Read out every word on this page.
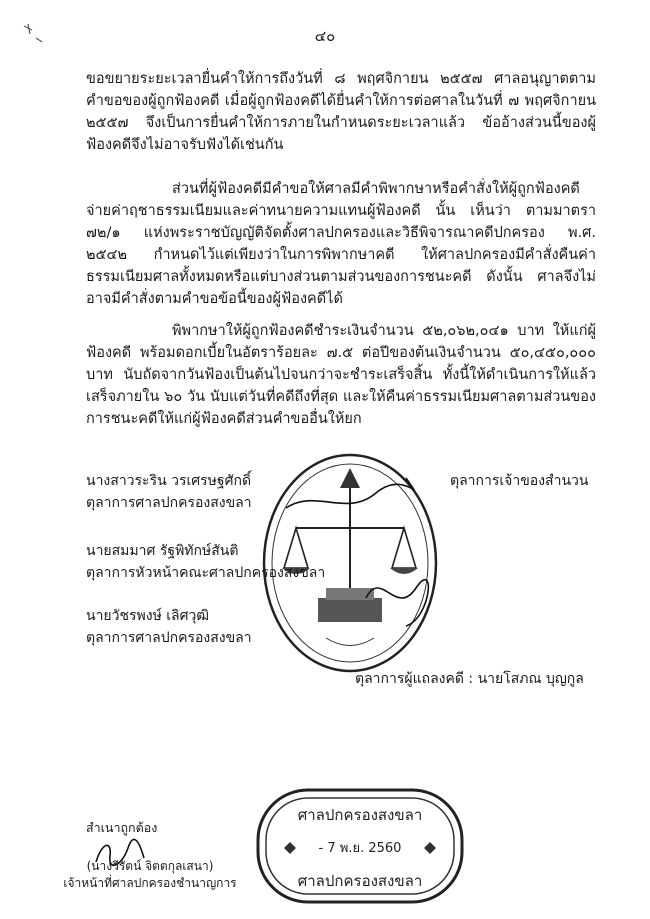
๔๐
ขอขยายระยะเวลายื่นคำให้การถึงวันที่ ๘ พฤศจิกายน ๒๕๕๗ ศาลอนุญาตตามคำขอของผู้ถูกฟ้องคดี เมื่อผู้ถูกฟ้องคดีได้ยื่นคำให้การต่อศาลในวันที่ ๗ พฤศจิกายน ๒๕๕๗ จึงเป็นการยื่นคำให้การภายในกำหนดระยะเวลาแล้ว ข้ออ้างส่วนนี้ของผู้ฟ้องคดีจึงไม่อาจรับฟังได้เช่นกัน
ส่วนที่ผู้ฟ้องคดีมีคำขอให้ศาลมีคำพิพากษาหรือคำสั่งให้ผู้ถูกฟ้องคดีจ่ายค่าฤชาธรรมเนียมและค่าทนายความแทนผู้ฟ้องคดี นั้น เห็นว่า ตามมาตรา ๗๒/๑ แห่งพระราชบัญญัติจัดตั้งศาลปกครองและวิธีพิจารณาคดีปกครอง พ.ศ. ๒๕๔๒ กำหนดไว้แต่เพียงว่าในการพิพากษาคดี ให้ศาลปกครองมีคำสั่งคืนค่าธรรมเนียมศาลทั้งหมดหรือแต่บางส่วนตามส่วนของการชนะคดี ดังนั้น ศาลจึงไม่อาจมีคำสั่งตามคำขอข้อนี้ของผู้ฟ้องคดีได้
พิพากษาให้ผู้ถูกฟ้องคดีชำระเงินจำนวน ๕๒,๐๖๒,๐๔๑ บาท ให้แก่ผู้ฟ้องคดี พร้อมดอกเบี้ยในอัตราร้อยละ ๗.๕ ต่อปีของต้นเงินจำนวน ๕๐,๔๕๐,๐๐๐ บาท นับถัดจากวันฟ้องเป็นต้นไปจนกว่าจะชำระเสร็จสิ้น ทั้งนี้ให้ดำเนินการให้แล้วเสร็จภายใน ๖๐ วัน นับแต่วันที่คดีถึงที่สุด และให้คืนค่าธรรมเนียมศาลตามส่วนของการชนะคดีให้แก่ผู้ฟ้องคดีส่วนคำขออื่นให้ยก
ตุลาการเจ้าของสำนวน
นางสาวระริน วรเศรษฐศักดิ์
ตุลาการศาลปกครองสงขลา
นายสมมาศ รัฐพิทักษ์สันติ
ตุลาการหัวหน้าคณะศาลปกครองสงขลา
นายวัชรพงษ์ เลิศวุฒิ
ตุลาการศาลปกครองสงขลา
ตุลาการผู้แถลงคดี : นายโสภณ บุญกูล
สำเนาถูกต้อง
(นางวีรัตน์ จิตตกุลเสนา)
เจ้าหน้าที่ศาลปกครองชำนาญการ
ศาลปกครองสงขลา
- 7 พ.ย. 2560
ศาลปกครองสงขลา
